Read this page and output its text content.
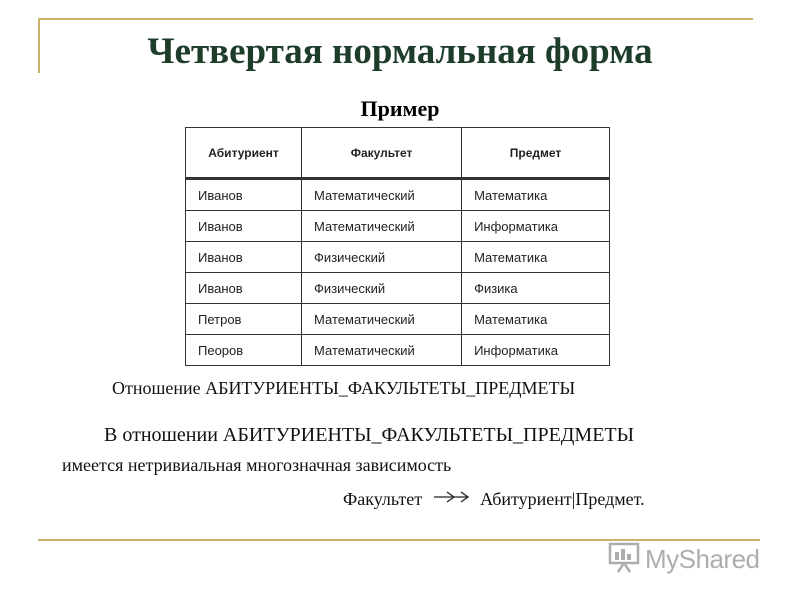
Четвертая нормальная форма
Пример
Абитуриент	Факультет	Предмет
Иванов	Математический	Математика
Иванов	Математический	Информатика
Иванов	Физический	Математика
Иванов	Физический	Физика
Петров	Математический	Математика
Пеоров	Математический	Информатика
Отношение АБИТУРИЕНТЫ_ФАКУЛЬТЕТЫ_ПРЕДМЕТЫ
В отношении АБИТУРИЕНТЫ_ФАКУЛЬТЕТЫ_ПРЕДМЕТЫ
имеется нетривиальная многозначная зависимость
Факультет	Абитуриент|Предмет.
MyShared
